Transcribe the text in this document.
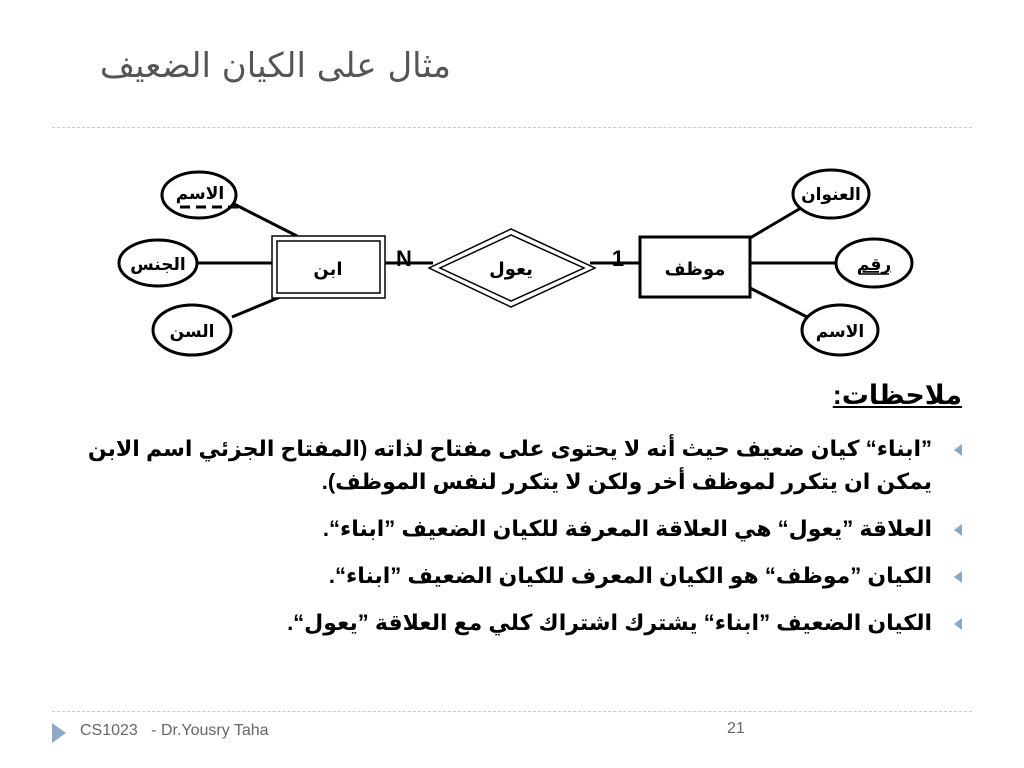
مثال على الكيان الضعيف
ابن	يعول
N	1 موظف
الاسم
الجنس
السن
العنوان
رقم
الاسم
ملاحظات:
”ابناء“ كيان ضعيف حيث أنه لا يحتوى على مفتاح لذاته (المفتاح الجزئي اسم الابن يمكن ان يتكرر لموظف أخر ولكن لا يتكرر لنفس الموظف).
العلاقة ”يعول“ هي العلاقة المعرفة للكيان الضعيف ”ابناء“.
الكيان ”موظف“ هو الكيان المعرف للكيان الضعيف ”ابناء“.
الكيان الضعيف ”ابناء“ يشترك اشتراك كلي مع العلاقة ”يعول“.
CS1023 - Dr.Yousry Taha	21
